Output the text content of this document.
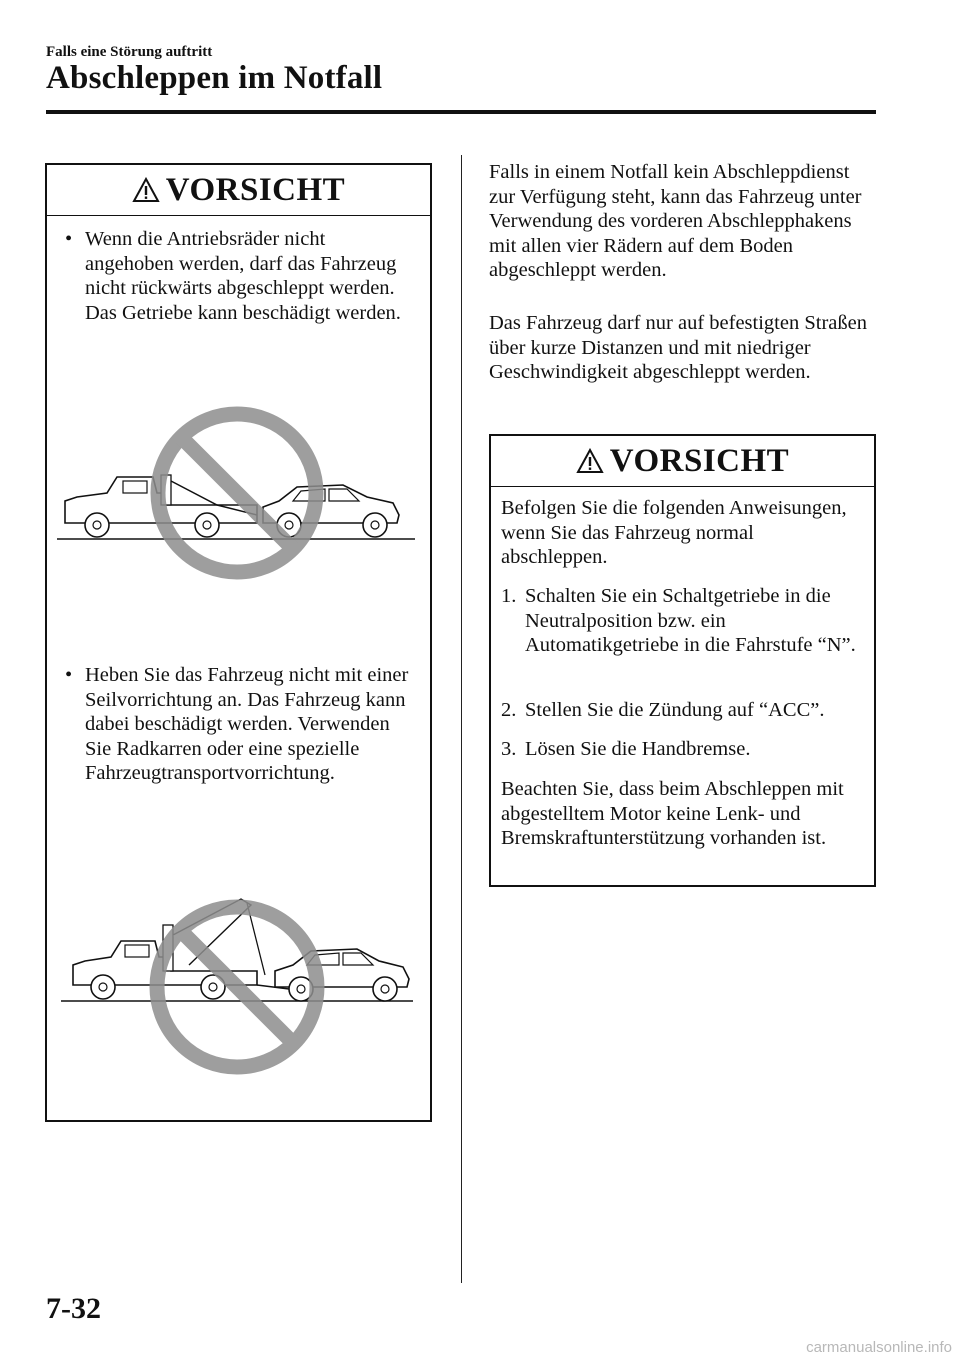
Falls eine Störung auftritt
Abschleppen im Notfall
VORSICHT
• Wenn die Antriebsräder nicht angehoben werden, darf das Fahrzeug nicht rückwärts abgeschleppt werden. Das Getriebe kann beschädigt werden.
• Heben Sie das Fahrzeug nicht mit einer Seilvorrichtung an. Das Fahrzeug kann dabei beschädigt werden. Verwenden Sie Radkarren oder eine spezielle Fahrzeugtransportvorrichtung.
Falls in einem Notfall kein Abschleppdienst zur Verfügung steht, kann das Fahrzeug unter Verwendung des vorderen Abschlepphakens mit allen vier Rädern auf dem Boden abgeschleppt werden.
Das Fahrzeug darf nur auf befestigten Straßen über kurze Distanzen und mit niedriger Geschwindigkeit abgeschleppt werden.
VORSICHT
Befolgen Sie die folgenden Anweisungen, wenn Sie das Fahrzeug normal abschleppen.
1. Schalten Sie ein Schaltgetriebe in die Neutralposition bzw. ein Automatikgetriebe in die Fahrstufe “N”.
2. Stellen Sie die Zündung auf “ACC”.
3. Lösen Sie die Handbremse.
Beachten Sie, dass beim Abschleppen mit abgestelltem Motor keine Lenk- und Bremskraftunterstützung vorhanden ist.
7-32
carmanualsonline.info
